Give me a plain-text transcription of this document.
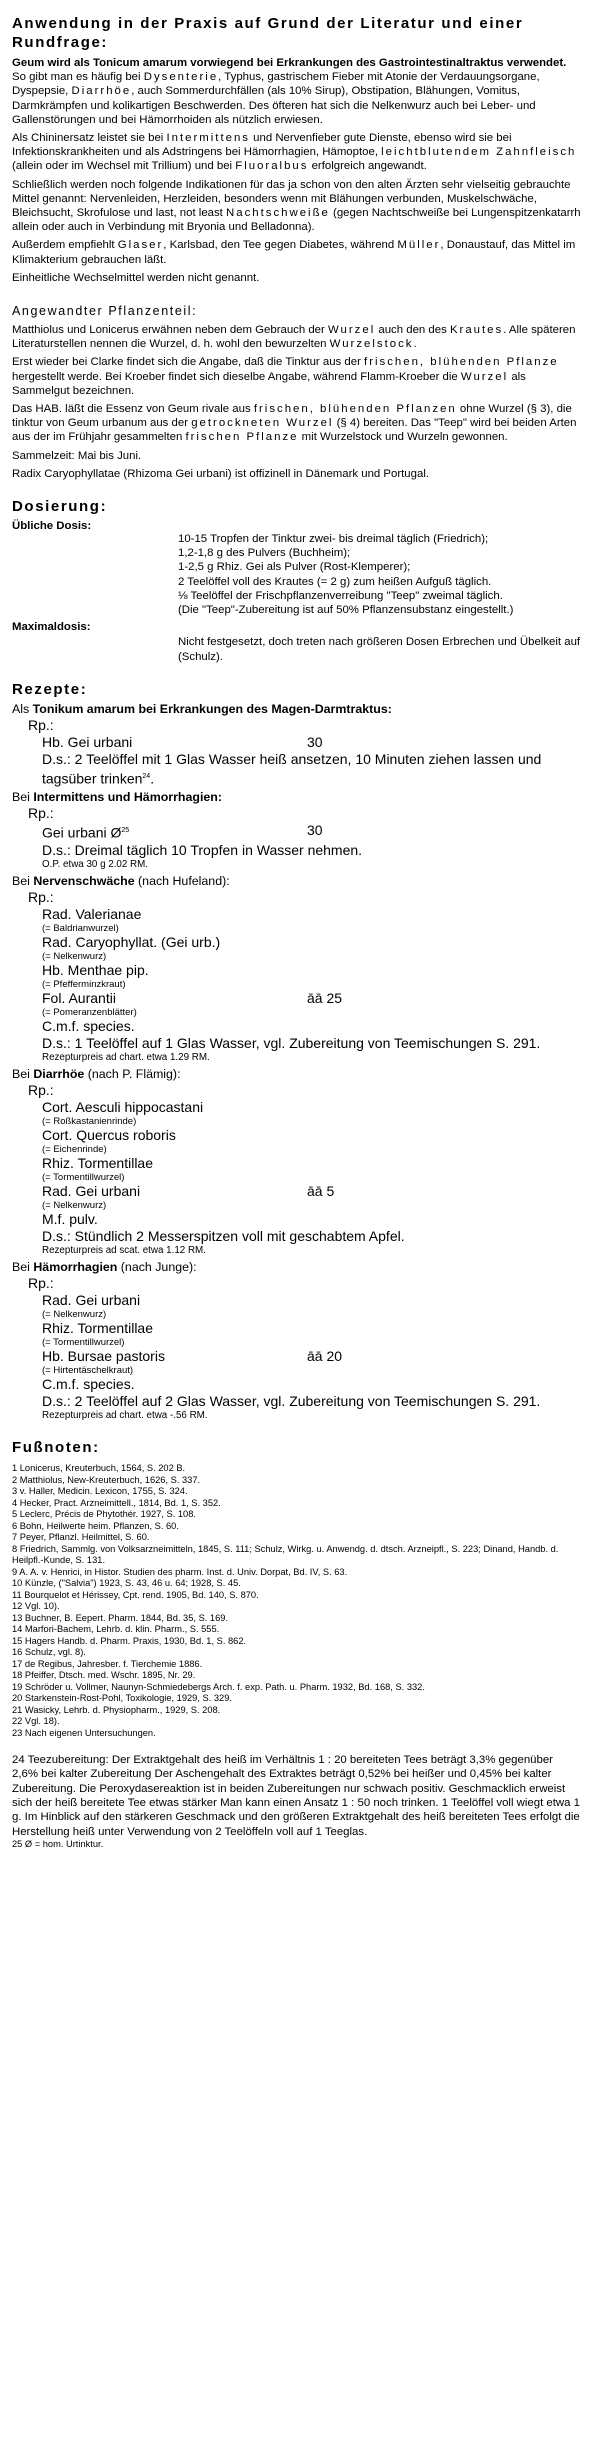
Anwendung in der Praxis auf Grund der Literatur und einer Rundfrage:
Geum wird als Tonicum amarum vorwiegend bei Erkrankungen des Gastrointestinaltraktus verwendet. So gibt man es häufig bei Dysenterie, Typhus, gastrischem Fieber mit Atonie der Verdauungsorgane, Dyspepsie, Diarrhöe, auch Sommerdurchfällen (als 10% Sirup), Obstipation, Blähungen, Vomitus, Darmkrämpfen und kolikartigen Beschwerden. Des öfteren hat sich die Nelkenwurz auch bei Leber- und Gallenstörungen und bei Hämorrhoiden als nützlich erwiesen.
Als Chininersatz leistet sie bei Intermittens und Nervenfieber gute Dienste, ebenso wird sie bei Infektionskrankheiten und als Adstringens bei Hämorrhagien, Hämoptoe, leichtblutendem Zahnfleisch (allein oder im Wechsel mit Trillium) und bei Fluoralbus erfolgreich angewandt.
Schließlich werden noch folgende Indikationen für das ja schon von den alten Ärzten sehr vielseitig gebrauchte Mittel genannt: Nervenleiden, Herzleiden, besonders wenn mit Blähungen verbunden, Muskelschwäche, Bleichsucht, Skrofulose und last, not least Nachtschweiße (gegen Nachtschweiße bei Lungenspitzenkatarrh allein oder auch in Verbindung mit Bryonia und Belladonna).
Außerdem empfiehlt Glaser, Karlsbad, den Tee gegen Diabetes, während Müller, Donaustauf, das Mittel im Klimakterium gebrauchen läßt.
Einheitliche Wechselmittel werden nicht genannt.
Angewandter Pflanzenteil:
Matthiolus und Lonicerus erwähnen neben dem Gebrauch der Wurzel auch den des Krautes. Alle späteren Literaturstellen nennen die Wurzel, d. h. wohl den bewurzelten Wurzelstock.
Erst wieder bei Clarke findet sich die Angabe, daß die Tinktur aus der frischen, blühenden Pflanze hergestellt werde. Bei Kroeber findet sich dieselbe Angabe, während Flamm-Kroeber die Wurzel als Sammelgut bezeichnen.
Das HAB. läßt die Essenz von Geum rivale aus frischen, blühenden Pflanzen ohne Wurzel (§ 3), die tinktur von Geum urbanum aus der getrockneten Wurzel (§ 4) bereiten. Das "Teep" wird bei beiden Arten aus der im Frühjahr gesammelten frischen Pflanze mit Wurzelstock und Wurzeln gewonnen.
Sammelzeit: Mai bis Juni.
Radix Caryophyllatae (Rhizoma Gei urbani) ist offizinell in Dänemark und Portugal.
Dosierung:
Übliche Dosis:
10-15 Tropfen der Tinktur zwei- bis dreimal täglich (Friedrich);
1,2-1,8 g des Pulvers (Buchheim);
1-2,5 g Rhiz. Gei als Pulver (Rost-Klemperer);
2 Teelöffel voll des Krautes (= 2 g) zum heißen Aufguß täglich.
⅛ Teelöffel der Frischpflanzenverreibung "Teep" zweimal täglich.
(Die "Teep"-Zubereitung ist auf 50% Pflanzensubstanz eingestellt.)
Maximaldosis:
Nicht festgesetzt, doch treten nach größeren Dosen Erbrechen und Übelkeit auf (Schulz).
Rezepte:
Als Tonikum amarum bei Erkrankungen des Magen-Darmtraktus:
Rp.:
Hb. Gei urbani	30
D.s.: 2 Teelöffel mit 1 Glas Wasser heiß ansetzen, 10 Minuten ziehen lassen und tagsüber trinken$^{24}$.
Bei Intermittens und Hämorrhagien:
Rp.:
Gei urbani $Ø^{25}$	30
D.s.: Dreimal täglich 10 Tropfen in Wasser nehmen.
O.P. etwa 30 g 2.02 RM.
Bei Nervenschwäche (nach Hufeland):
Rp.:
Rad. Valerianae
(= Baldrianwurzel)
Rad. Caryophyllat. (Gei urb.)
(= Nelkenwurz)
Hb. Menthae pip.
(= Pfefferminzkraut)
Fol. Aurantii	āā 25
(= Pomeranzenblätter)
C.m.f. species.
D.s.: 1 Teelöffel auf 1 Glas Wasser, vgl. Zubereitung von Teemischungen S. 291.
Rezepturpreis ad chart. etwa 1.29 RM.
Bei Diarrhöe (nach P. Flämig):
Rp.:
Cort. Aesculi hippocastani
(= Roßkastanienrinde)
Cort. Quercus roboris
(= Eichenrinde)
Rhiz. Tormentillae
(= Tormentillwurzel)
Rad. Gei urbani	āā 5
(= Nelkenwurz)
M.f. pulv.
D.s.: Stündlich 2 Messerspitzen voll mit geschabtem Apfel.
Rezepturpreis ad scat. etwa 1.12 RM.
Bei Hämorrhagien (nach Junge):
Rp.:
Rad. Gei urbani
(= Nelkenwurz)
Rhiz. Tormentillae
(= Tormentillwurzel)
Hb. Bursae pastoris	āā 20
(= Hirtentäschelkraut)
C.m.f. species.
D.s.: 2 Teelöffel auf 2 Glas Wasser, vgl. Zubereitung von Teemischungen S. 291.
Rezepturpreis ad chart. etwa -.56 RM.
Fußnoten:
1 Lonicerus, Kreuterbuch, 1564, S. 202 B.
2 Matthiolus, New-Kreuterbuch, 1626, S. 337.
3 v. Haller, Medicin. Lexicon, 1755, S. 324.
4 Hecker, Pract. Arzneimittell., 1814, Bd. 1, S. 352.
5 Leclerc, Précis de Phytothér. 1927, S. 108.
6 Bohn, Heilwerte heim. Pflanzen, S. 60.
7 Peyer, Pflanzl. Heilmittel, S. 60.
8 Friedrich, Sammlg. von Volksarzneimitteln, 1845, S. 111; Schulz, Wirkg. u. Anwendg. d. dtsch. Arzneipfl., S. 223; Dinand, Handb. d. Heilpfl.-Kunde, S. 131.
9 A. A. v. Henrici, in Histor. Studien des pharm. Inst. d. Univ. Dorpat, Bd. IV, S. 63.
10 Künzle, ("Salvia") 1923, S. 43, 46 u. 64; 1928, S. 45.
11 Bourquelot et Hérissey, Cpt. rend. 1905, Bd. 140, S. 870.
12 Vgl. 10).
13 Buchner, B. Eepert. Pharm. 1844, Bd. 35, S. 169.
14 Marfori-Bachem, Lehrb. d. klin. Pharm., S. 555.
15 Hagers Handb. d. Pharm. Praxis, 1930, Bd. 1, S. 862.
16 Schulz, vgl. 8).
17 de Regibus, Jahresber. f. Tierchemie 1886.
18 Pfeiffer, Dtsch. med. Wschr. 1895, Nr. 29.
19 Schröder u. Vollmer, Naunyn-Schmiedebergs Arch. f. exp. Path. u. Pharm. 1932, Bd. 168, S. 332.
20 Starkenstein-Rost-Pohl, Toxikologie, 1929, S. 329.
21 Wasicky, Lehrb. d. Physiopharm., 1929, S. 208.
22 Vgl. 18).
23 Nach eigenen Untersuchungen.
24 Teezubereitung: Der Extraktgehalt des heiß im Verhältnis 1 : 20 bereiteten Tees beträgt 3,3% gegenüber 2,6% bei kalter Zubereitung Der Aschengehalt des Extraktes beträgt 0,52% bei heißer und 0,45% bei kalter Zubereitung. Die Peroxydasereaktion ist in beiden Zubereitungen nur schwach positiv. Geschmacklich erweist sich der heiß bereitete Tee etwas stärker Man kann einen Ansatz 1 : 50 noch trinken. 1 Teelöffel voll wiegt etwa 1 g. Im Hinblick auf den stärkeren Geschmack und den größeren Extraktgehalt des heiß bereiteten Tees erfolgt die Herstellung heiß unter Verwendung von 2 Teelöffeln voll auf 1 Teeglas.
25 Ø = hom. Urtinktur.
